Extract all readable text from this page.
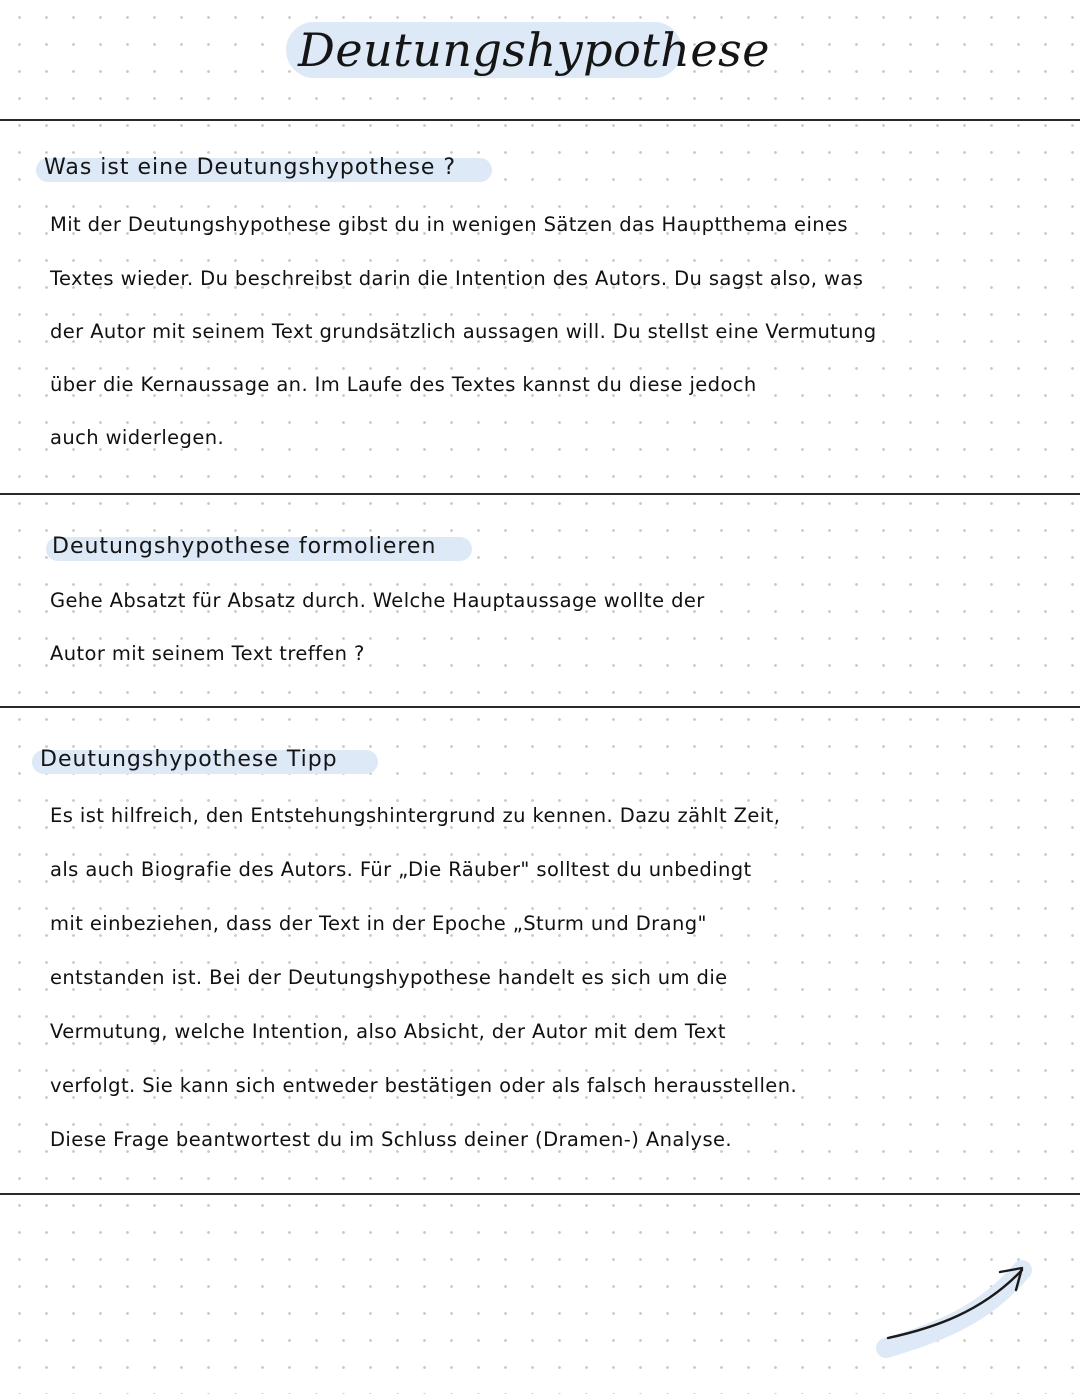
Deutungshypothese
Was ist eine Deutungshypothese ?
Mit der Deutungshypothese gibst du in wenigen Sätzen das Hauptthema eines
Textes wieder. Du beschreibst darin die Intention des Autors. Du sagst also, was
der Autor mit seinem Text grundsätzlich aussagen will. Du stellst eine Vermutung
über die Kernaussage an. Im Laufe des Textes kannst du diese jedoch
auch widerlegen.
Deutungshypothese formolieren
Gehe Absatzt für Absatz durch. Welche Hauptaussage wollte der
Autor mit seinem Text treffen ?
Deutungshypothese Tipp
Es ist hilfreich, den Entstehungshintergrund zu kennen. Dazu zählt Zeit,
als auch Biografie des Autors. Für „Die Räuber" solltest du unbedingt
mit einbeziehen, dass der Text in der Epoche „Sturm und Drang"
entstanden ist. Bei der Deutungshypothese handelt es sich um die
Vermutung, welche Intention, also Absicht, der Autor mit dem Text
verfolgt. Sie kann sich entweder bestätigen oder als falsch herausstellen.
Diese Frage beantwortest du im Schluss deiner (Dramen-) Analyse.
